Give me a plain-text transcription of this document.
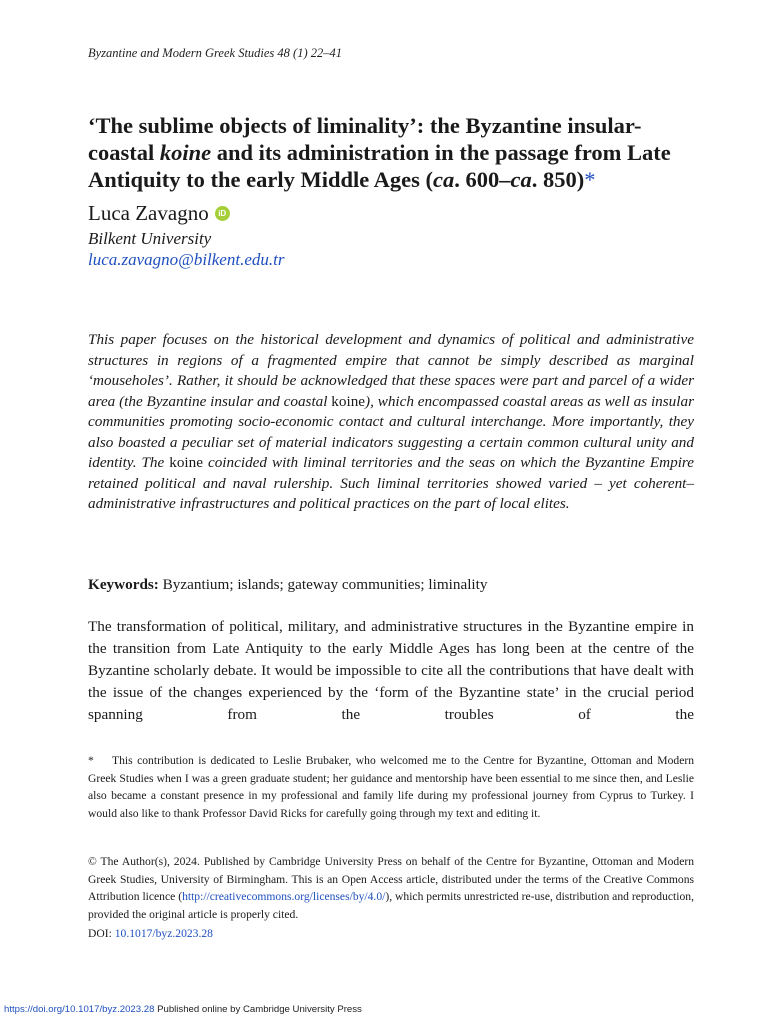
Byzantine and Modern Greek Studies 48 (1) 22–41
‘The sublime objects of liminality’: the Byzantine insular-coastal koine and its administration in the passage from Late Antiquity to the early Middle Ages (ca. 600–ca. 850)*
Luca Zavagno	iD
Bilkent University
luca.zavagno@bilkent.edu.tr

This paper focuses on the historical development and dynamics of political and administrative structures in regions of a fragmented empire that cannot be simply described as marginal ‘mouseholes’. Rather, it should be acknowledged that these spaces were part and parcel of a wider area (the Byzantine insular and coastal koine), which encompassed coastal areas as well as insular communities promoting socio-economic contact and cultural interchange. More importantly, they also boasted a peculiar set of material indicators suggesting a certain common cultural unity and identity. The koine coincided with liminal territories and the seas on which the Byzantine Empire retained political and naval rulership. Such liminal territories showed varied – yet coherent– administrative infrastructures and political practices on the part of local elites.

Keywords: Byzantium; islands; gateway communities; liminality

The transformation of political, military, and administrative structures in the Byzantine empire in the transition from Late Antiquity to the early Middle Ages has long been at the centre of the Byzantine scholarly debate. It would be impossible to cite all the contributions that have dealt with the issue of the changes experienced by the ‘form of the Byzantine state’ in the crucial period spanning from the troubles of the

* This contribution is dedicated to Leslie Brubaker, who welcomed me to the Centre for Byzantine, Ottoman and Modern Greek Studies when I was a green graduate student; her guidance and mentorship have been essential to me since then, and Leslie also became a constant presence in my professional and family life during my professional journey from Cyprus to Turkey. I would also like to thank Professor David Ricks for carefully going through my text and editing it.

© The Author(s), 2024. Published by Cambridge University Press on behalf of the Centre for Byzantine, Ottoman and Modern Greek Studies, University of Birmingham. This is an Open Access article, distributed under the terms of the Creative Commons Attribution licence (http://creativecommons.org/licenses/by/4.0/), which permits unrestricted re-use, distribution and reproduction, provided the original article is properly cited.

DOI: 10.1017/byz.2023.28
https://doi.org/10.1017/byz.2023.28 Published online by Cambridge University Press
